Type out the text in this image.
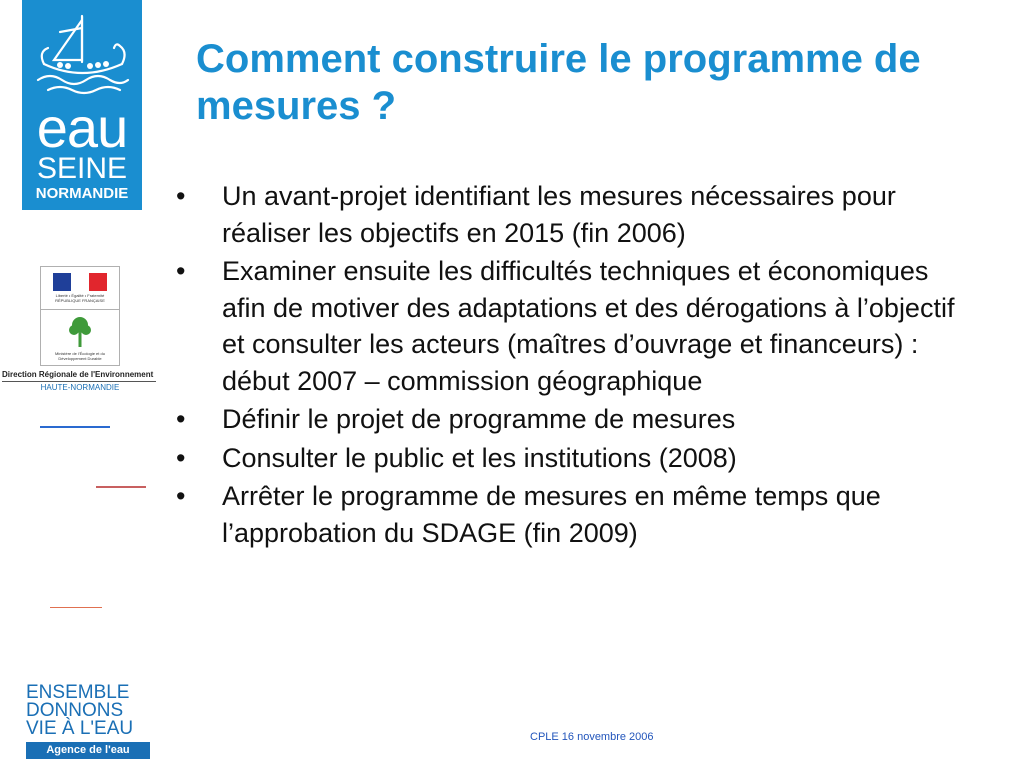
eau
SEINE
NORMANDIE
Liberté • Égalité • Fraternité RÉPUBLIQUE FRANÇAISE
Ministère de l'Écologie et du Développement Durable
Direction Régionale de l'Environnement
HAUTE-NORMANDIE
ENSEMBLE
DONNONS
VIE À L'EAU
Agence de l'eau
Comment construire le programme de mesures ?
• Un avant-projet identifiant les mesures nécessaires pour réaliser les objectifs en 2015 (fin 2006)
• Examiner ensuite les difficultés techniques et économiques afin de motiver des adaptations et des dérogations à l’objectif et consulter les acteurs (maîtres d’ouvrage et financeurs) : début 2007 – commission géographique
• Définir le projet de programme de mesures
• Consulter le public et les institutions (2008)
• Arrêter le programme de mesures en même temps que l’approbation du SDAGE (fin 2009)
CPLE 16 novembre 2006
